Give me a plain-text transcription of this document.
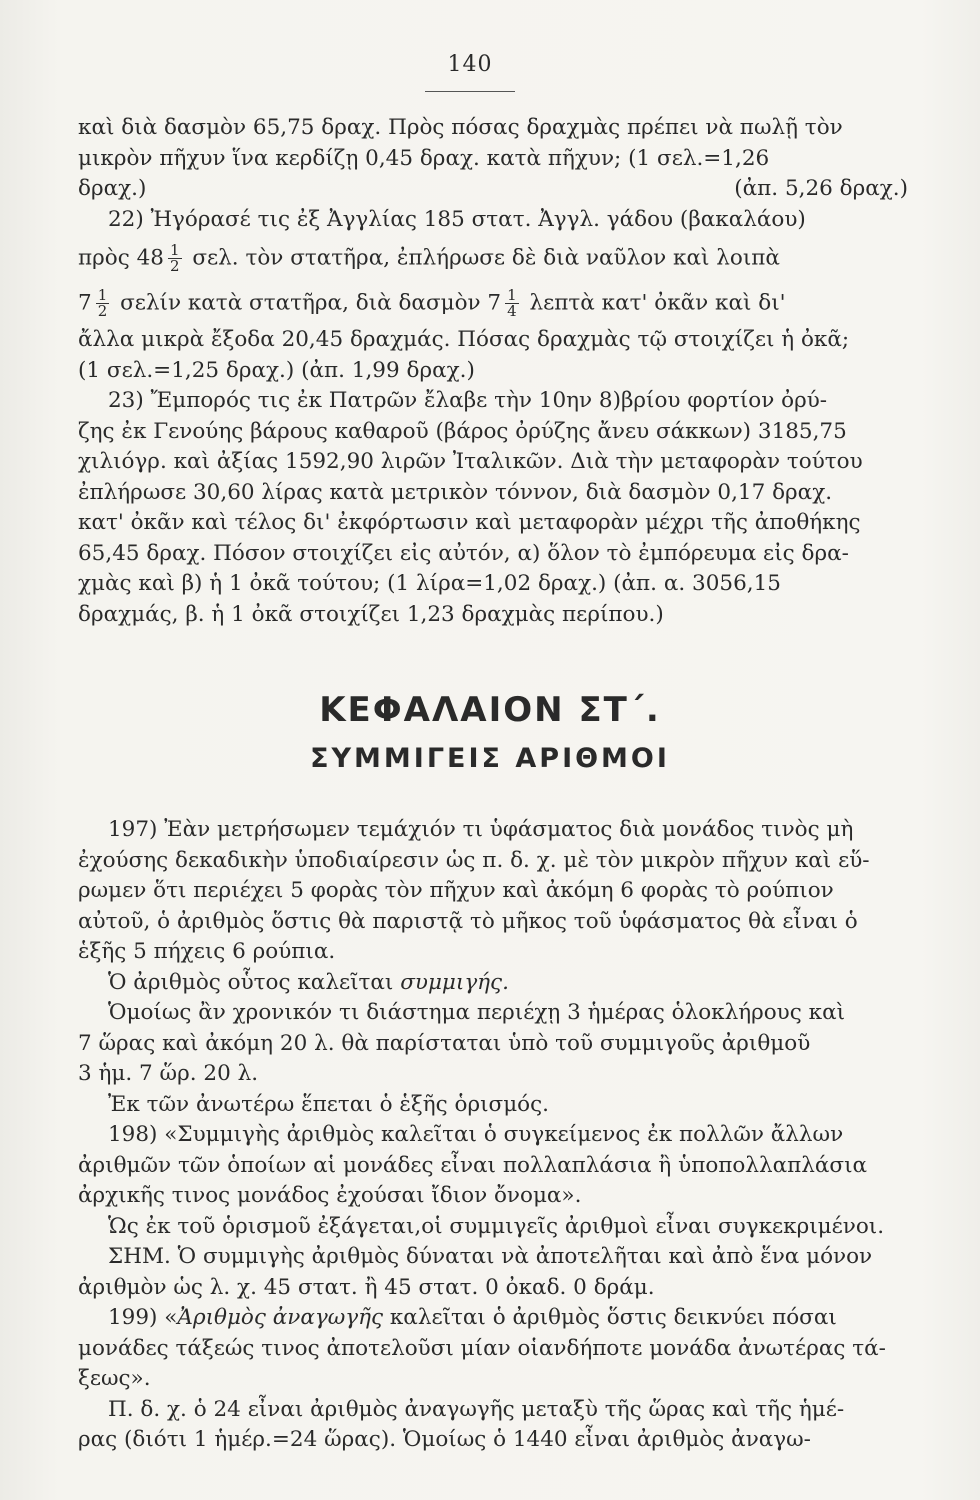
140
καὶ διὰ δασμὸν 65,75 δραχ. Πρὸς πόσας δραχμὰς πρέπει νὰ πωλῇ τὸν
μικρὸν πῆχυν ἵνα κερδίζῃ 0,45 δραχ. κατὰ πῆχυν; (1 σελ.=1,26
δραχ.)	(ἀπ. 5,26 δραχ.)
22) Ἠγόρασέ τις ἐξ Ἀγγλίας 185 στατ. Ἀγγλ. γάδου (βακαλάου)
πρὸς $48 \frac{1}{2} \sigma\varepsilon\lambda$. τὸν στατῆρα, ἐπλήρωσε δὲ διὰ ναῦλον καὶ λοιπὰ
$7 \frac{1}{2}$ σελίν κατὰ στατῆρα, διὰ δασμὸν $7 \frac{1}{4}$ λεπτὰ κατ' ὀκᾶν καὶ δι'
ἄλλα μικρὰ ἔξοδα 20,45 δραχμάς. Πόσας δραχμὰς τῷ στοιχίζει ἡ ὀκᾶ;
(1 σελ.=1,25 δραχ.) (ἀπ. 1,99 δραχ.)
23) Ἔμπορός τις ἐκ Πατρῶν ἔλαβε τὴν 10ην 8)βρίου φορτίον ὀρύ-
ζης ἐκ Γενούης βάρους καθαροῦ (βάρος ὀρύζης ἄνευ σάκκων) 3185,75
χιλιόγρ. καὶ ἀξίας 1592,90 λιρῶν Ἰταλικῶν. Διὰ τὴν μεταφορὰν τούτου
ἐπλήρωσε 30,60 λίρας κατὰ μετρικὸν τόννον, διὰ δασμὸν 0,17 δραχ.
κατ' ὀκᾶν καὶ τέλος δι' ἐκφόρτωσιν καὶ μεταφορὰν μέχρι τῆς ἀποθήκης
65,45 δραχ. Πόσον στοιχίζει εἰς αὐτόν, α) ὅλον τὸ ἐμπόρευμα εἰς δρα-
χμὰς καὶ β) ἡ 1 ὀκᾶ τούτου; (1 λίρα=1,02 δραχ.) (ἀπ. α. 3056,15
δραχμάς, β. ἡ 1 ὀκᾶ στοιχίζει 1,23 δραχμὰς περίπου.)
ΚΕΦΑΛΑΙΟΝ ΣΤ΄.
ΣΥΜΜΙΓΕΙΣ ΑΡΙΘΜΟΙ
197) Ἐὰν μετρήσωμεν τεμάχιόν τι ὑφάσματος διὰ μονάδος τινὸς μὴ
ἐχούσης δεκαδικὴν ὑποδιαίρεσιν ὡς π. δ. χ. μὲ τὸν μικρὸν πῆχυν καὶ εὕ-
ρωμεν ὅτι περιέχει 5 φορὰς τὸν πῆχυν καὶ ἀκόμη 6 φορὰς τὸ ρούπιον
αὐτοῦ, ὁ ἀριθμὸς ὅστις θὰ παριστᾷ τὸ μῆκος τοῦ ὑφάσματος θὰ εἶναι ὁ
ἑξῆς 5 πήχεις 6 ρούπια.
Ὁ ἀριθμὸς οὗτος καλεῖται συμμιγής.
Ὁμοίως ἂν χρονικόν τι διάστημα περιέχῃ 3 ἡμέρας ὁλοκλήρους καὶ
7 ὥρας καὶ ἀκόμη 20 λ. θὰ παρίσταται ὑπὸ τοῦ συμμιγοῦς ἀριθμοῦ
3 ἡμ. 7 ὥρ. 20 λ.
Ἐκ τῶν ἀνωτέρω ἕπεται ὁ ἑξῆς ὁρισμός.
198) «Συμμιγὴς ἀριθμὸς καλεῖται ὁ συγκείμενος ἐκ πολλῶν ἄλλων
ἀριθμῶν τῶν ὁποίων αἱ μονάδες εἶναι πολλαπλάσια ἢ ὑποπολλαπλάσια
ἀρχικῆς τινος μονάδος ἐχούσαι ἴδιον ὄνομα».
Ὡς ἐκ τοῦ ὁρισμοῦ ἐξάγεται,οἱ συμμιγεῖς ἀριθμοὶ εἶναι συγκεκριμένοι.
ΣΗΜ. Ὁ συμμιγὴς ἀριθμὸς δύναται νὰ ἀποτελῆται καὶ ἀπὸ ἕνα μόνον
ἀριθμὸν ὡς λ. χ. 45 στατ. ἢ 45 στατ. 0 ὀκαδ. 0 δράμ.
199) «Ἀριθμὸς ἀναγωγῆς καλεῖται ὁ ἀριθμὸς ὅστις δεικνύει πόσαι
μονάδες τάξεώς τινος ἀποτελοῦσι μίαν οἱανδήποτε μονάδα ἀνωτέρας τά-
ξεως».
Π. δ. χ. ὁ 24 εἶναι ἀριθμὸς ἀναγωγῆς μεταξὺ τῆς ὥρας καὶ τῆς ἡμέ-
ρας (διότι 1 ἡμέρ.=24 ὥρας). Ὁμοίως ὁ 1440 εἶναι ἀριθμὸς ἀναγω-
